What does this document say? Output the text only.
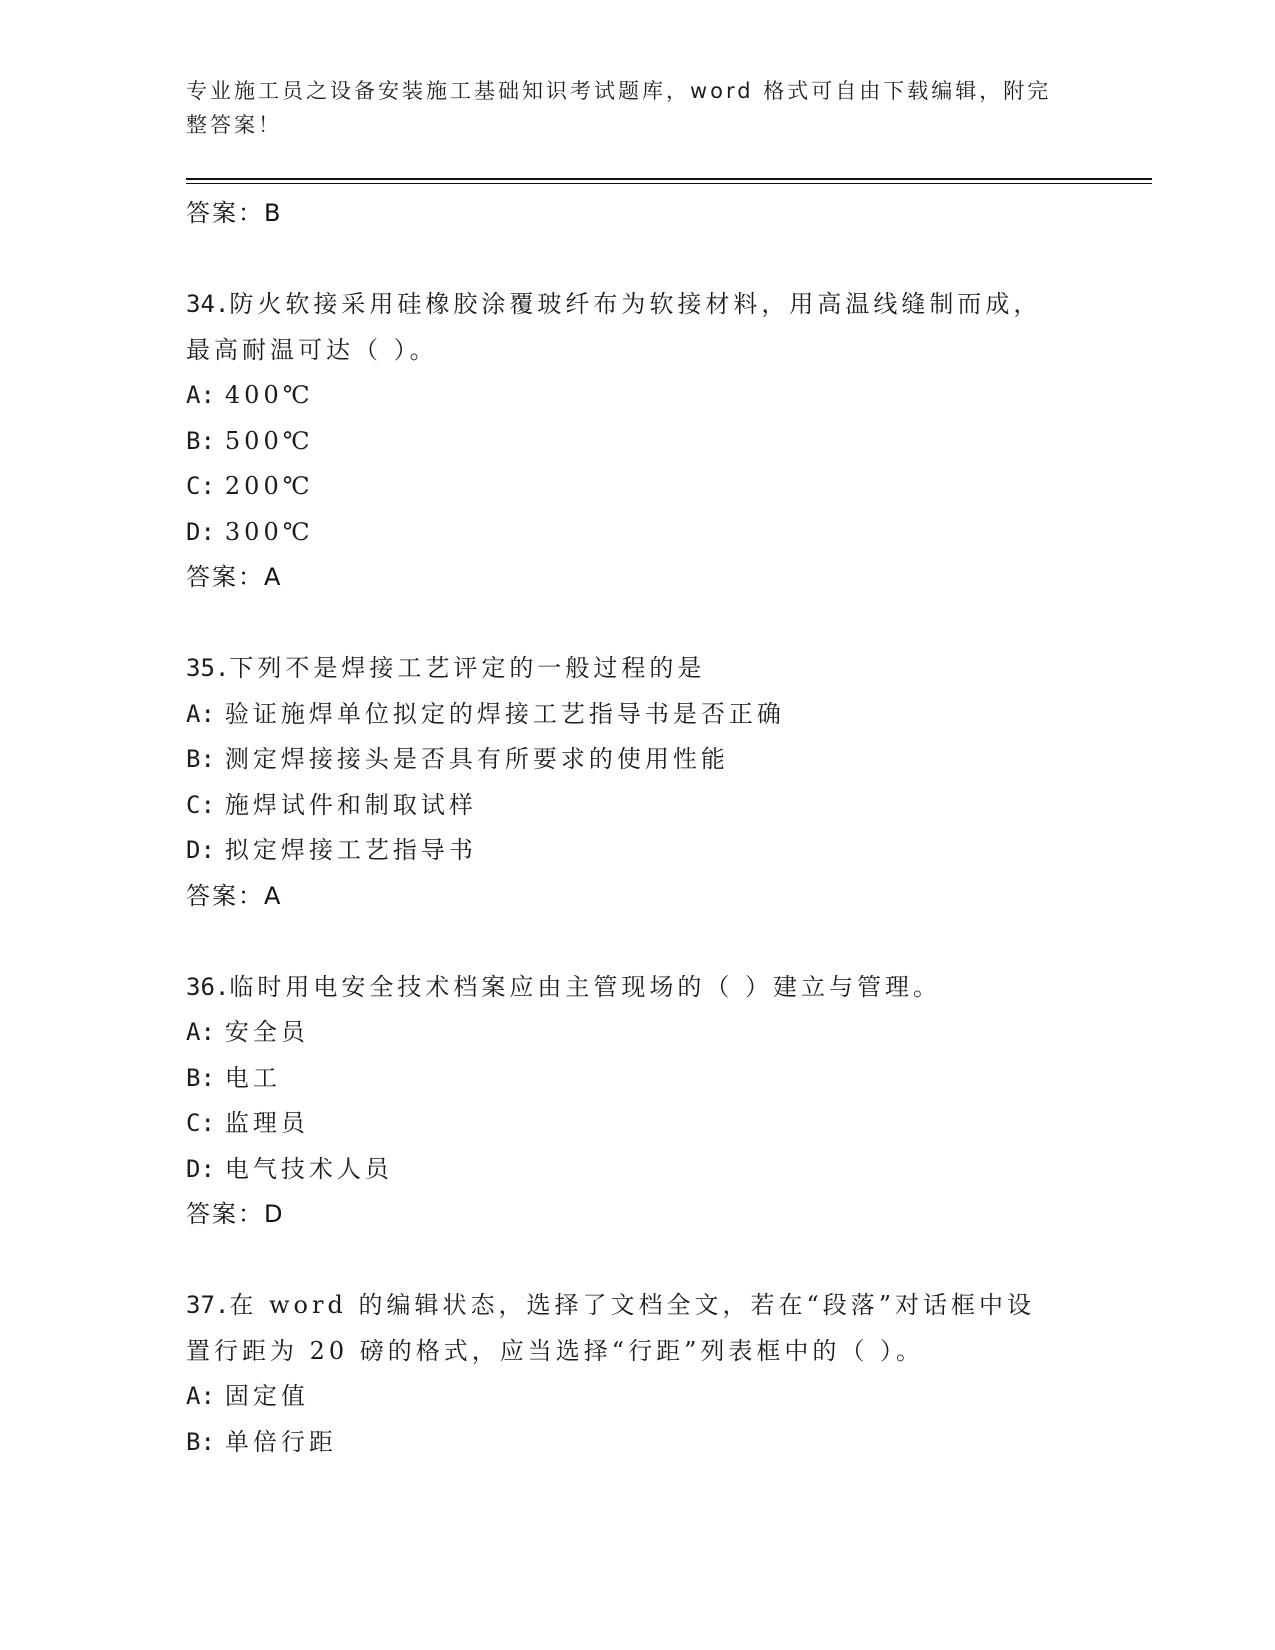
专业施工员之设备安装施工基础知识考试题库，word 格式可自由下载编辑，附完
整答案！
答案：B
34.防火软接采用硅橡胶涂覆玻纤布为软接材料，用高温线缝制而成，
最高耐温可达（ ）。
A: 400℃
B: 500℃
C: 200℃
D: 300℃
答案：A
35.下列不是焊接工艺评定的一般过程的是
A: 验证施焊单位拟定的焊接工艺指导书是否正确
B: 测定焊接接头是否具有所要求的使用性能
C: 施焊试件和制取试样
D: 拟定焊接工艺指导书
答案：A
36.临时用电安全技术档案应由主管现场的（ ）建立与管理。
A: 安全员
B: 电工
C: 监理员
D: 电气技术人员
答案：D
37.在 word 的编辑状态，选择了文档全文，若在“段落”对话框中设
置行距为 20 磅的格式，应当选择“行距”列表框中的（ ）。
A: 固定值
B: 单倍行距
